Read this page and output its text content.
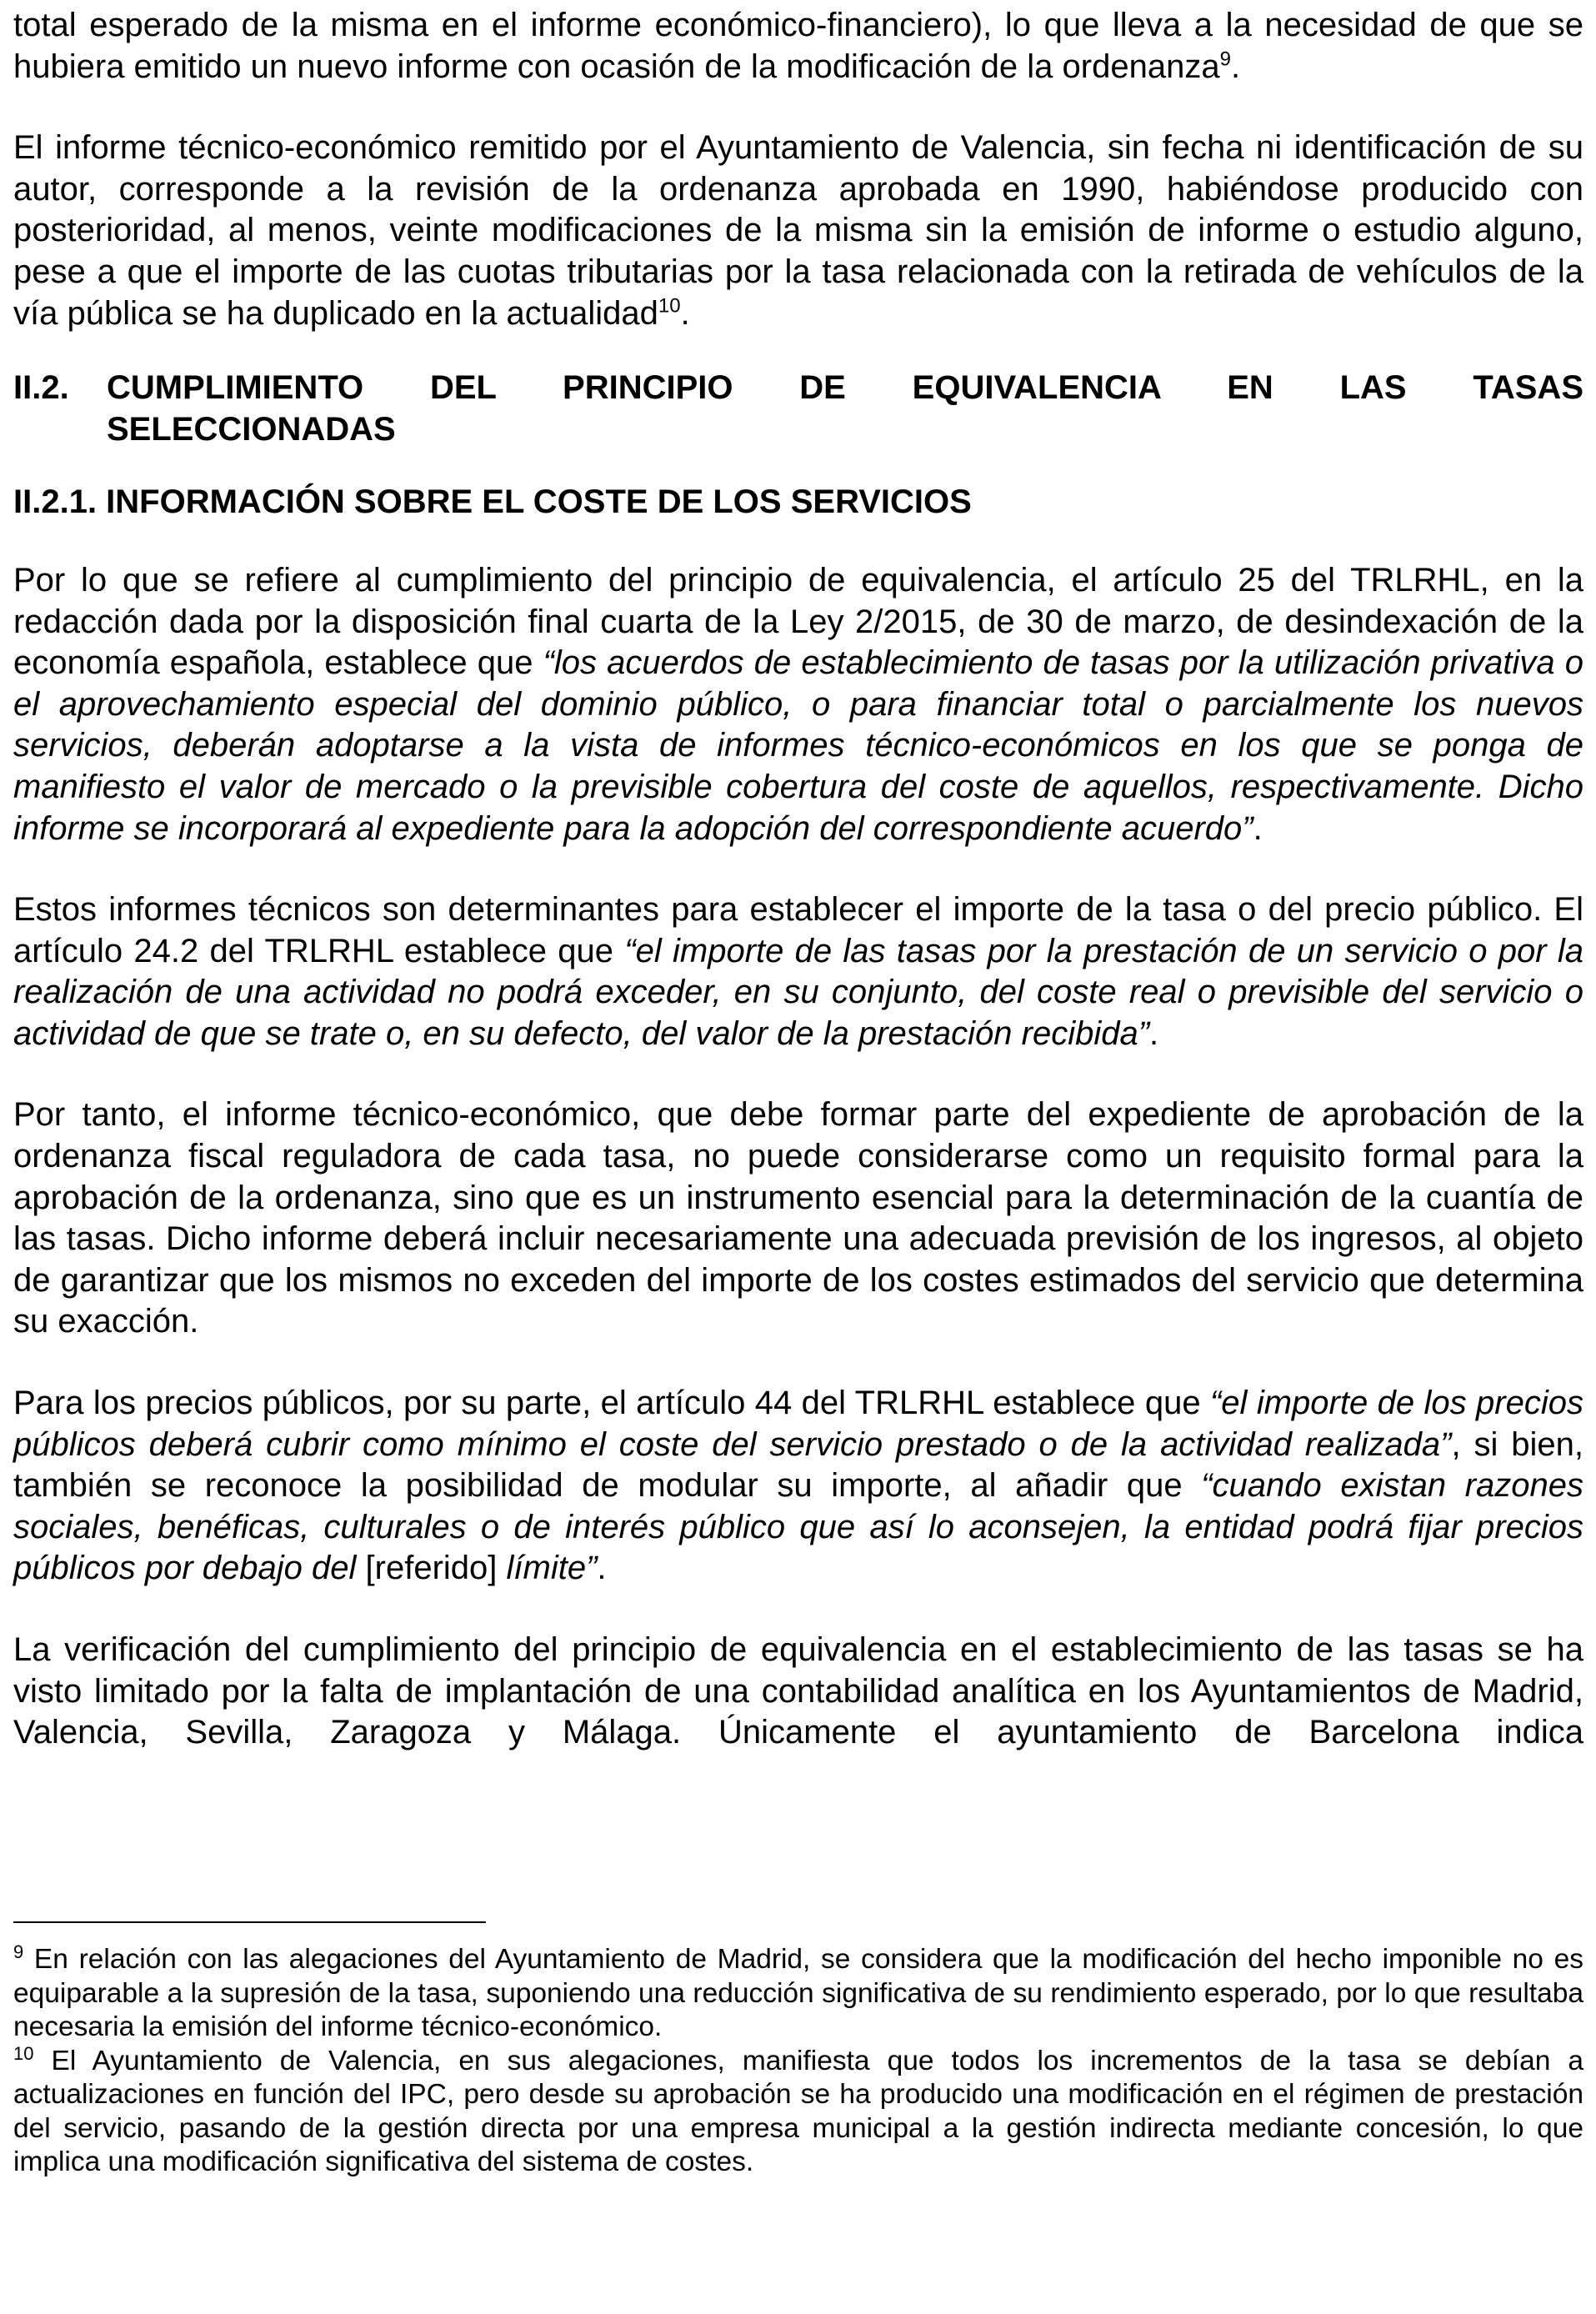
total esperado de la misma en el informe económico-financiero), lo que lleva a la necesidad de que se hubiera emitido un nuevo informe con ocasión de la modificación de la ordenanza$^9$.

El informe técnico-económico remitido por el Ayuntamiento de Valencia, sin fecha ni identificación de su autor, corresponde a la revisión de la ordenanza aprobada en 1990, habiéndose producido con posterioridad, al menos, veinte modificaciones de la misma sin la emisión de informe o estudio alguno, pese a que el importe de las cuotas tributarias por la tasa relacionada con la retirada de vehículos de la vía pública se ha duplicado en la actualidad$^{10}$.

II.2.	CUMPLIMIENTO DEL PRINCIPIO DE EQUIVALENCIA EN LAS TASAS
SELECCIONADAS

II.2.1. INFORMACIÓN SOBRE EL COSTE DE LOS SERVICIOS

Por lo que se refiere al cumplimiento del principio de equivalencia, el artículo 25 del TRLRHL, en la redacción dada por la disposición final cuarta de la Ley 2/2015, de 30 de marzo, de desindexación de la economía española, establece que “los acuerdos de establecimiento de tasas por la utilización privativa o el aprovechamiento especial del dominio público, o para financiar total o parcialmente los nuevos servicios, deberán adoptarse a la vista de informes técnico-económicos en los que se ponga de manifiesto el valor de mercado o la previsible cobertura del coste de aquellos, respectivamente. Dicho informe se incorporará al expediente para la adopción del correspondiente acuerdo”.

Estos informes técnicos son determinantes para establecer el importe de la tasa o del precio público. El artículo 24.2 del TRLRHL establece que “el importe de las tasas por la prestación de un servicio o por la realización de una actividad no podrá exceder, en su conjunto, del coste real o previsible del servicio o actividad de que se trate o, en su defecto, del valor de la prestación recibida”.

Por tanto, el informe técnico-económico, que debe formar parte del expediente de aprobación de la ordenanza fiscal reguladora de cada tasa, no puede considerarse como un requisito formal para la aprobación de la ordenanza, sino que es un instrumento esencial para la determinación de la cuantía de las tasas. Dicho informe deberá incluir necesariamente una adecuada previsión de los ingresos, al objeto de garantizar que los mismos no exceden del importe de los costes estimados del servicio que determina su exacción.

Para los precios públicos, por su parte, el artículo 44 del TRLRHL establece que “el importe de los precios públicos deberá cubrir como mínimo el coste del servicio prestado o de la actividad realizada”, si bien, también se reconoce la posibilidad de modular su importe, al añadir que “cuando existan razones sociales, benéficas, culturales o de interés público que así lo aconsejen, la entidad podrá fijar precios públicos por debajo del [referido] límite”.

La verificación del cumplimiento del principio de equivalencia en el establecimiento de las tasas se ha visto limitado por la falta de implantación de una contabilidad analítica en los Ayuntamientos de Madrid, Valencia, Sevilla, Zaragoza y Málaga. Únicamente el ayuntamiento de Barcelona indica

$^9$ En relación con las alegaciones del Ayuntamiento de Madrid, se considera que la modificación del hecho imponible no es equiparable a la supresión de la tasa, suponiendo una reducción significativa de su rendimiento esperado, por lo que resultaba necesaria la emisión del informe técnico-económico.

$^{10}$ El Ayuntamiento de Valencia, en sus alegaciones, manifiesta que todos los incrementos de la tasa se debían a actualizaciones en función del IPC, pero desde su aprobación se ha producido una modificación en el régimen de prestación del servicio, pasando de la gestión directa por una empresa municipal a la gestión indirecta mediante concesión, lo que implica una modificación significativa del sistema de costes.
